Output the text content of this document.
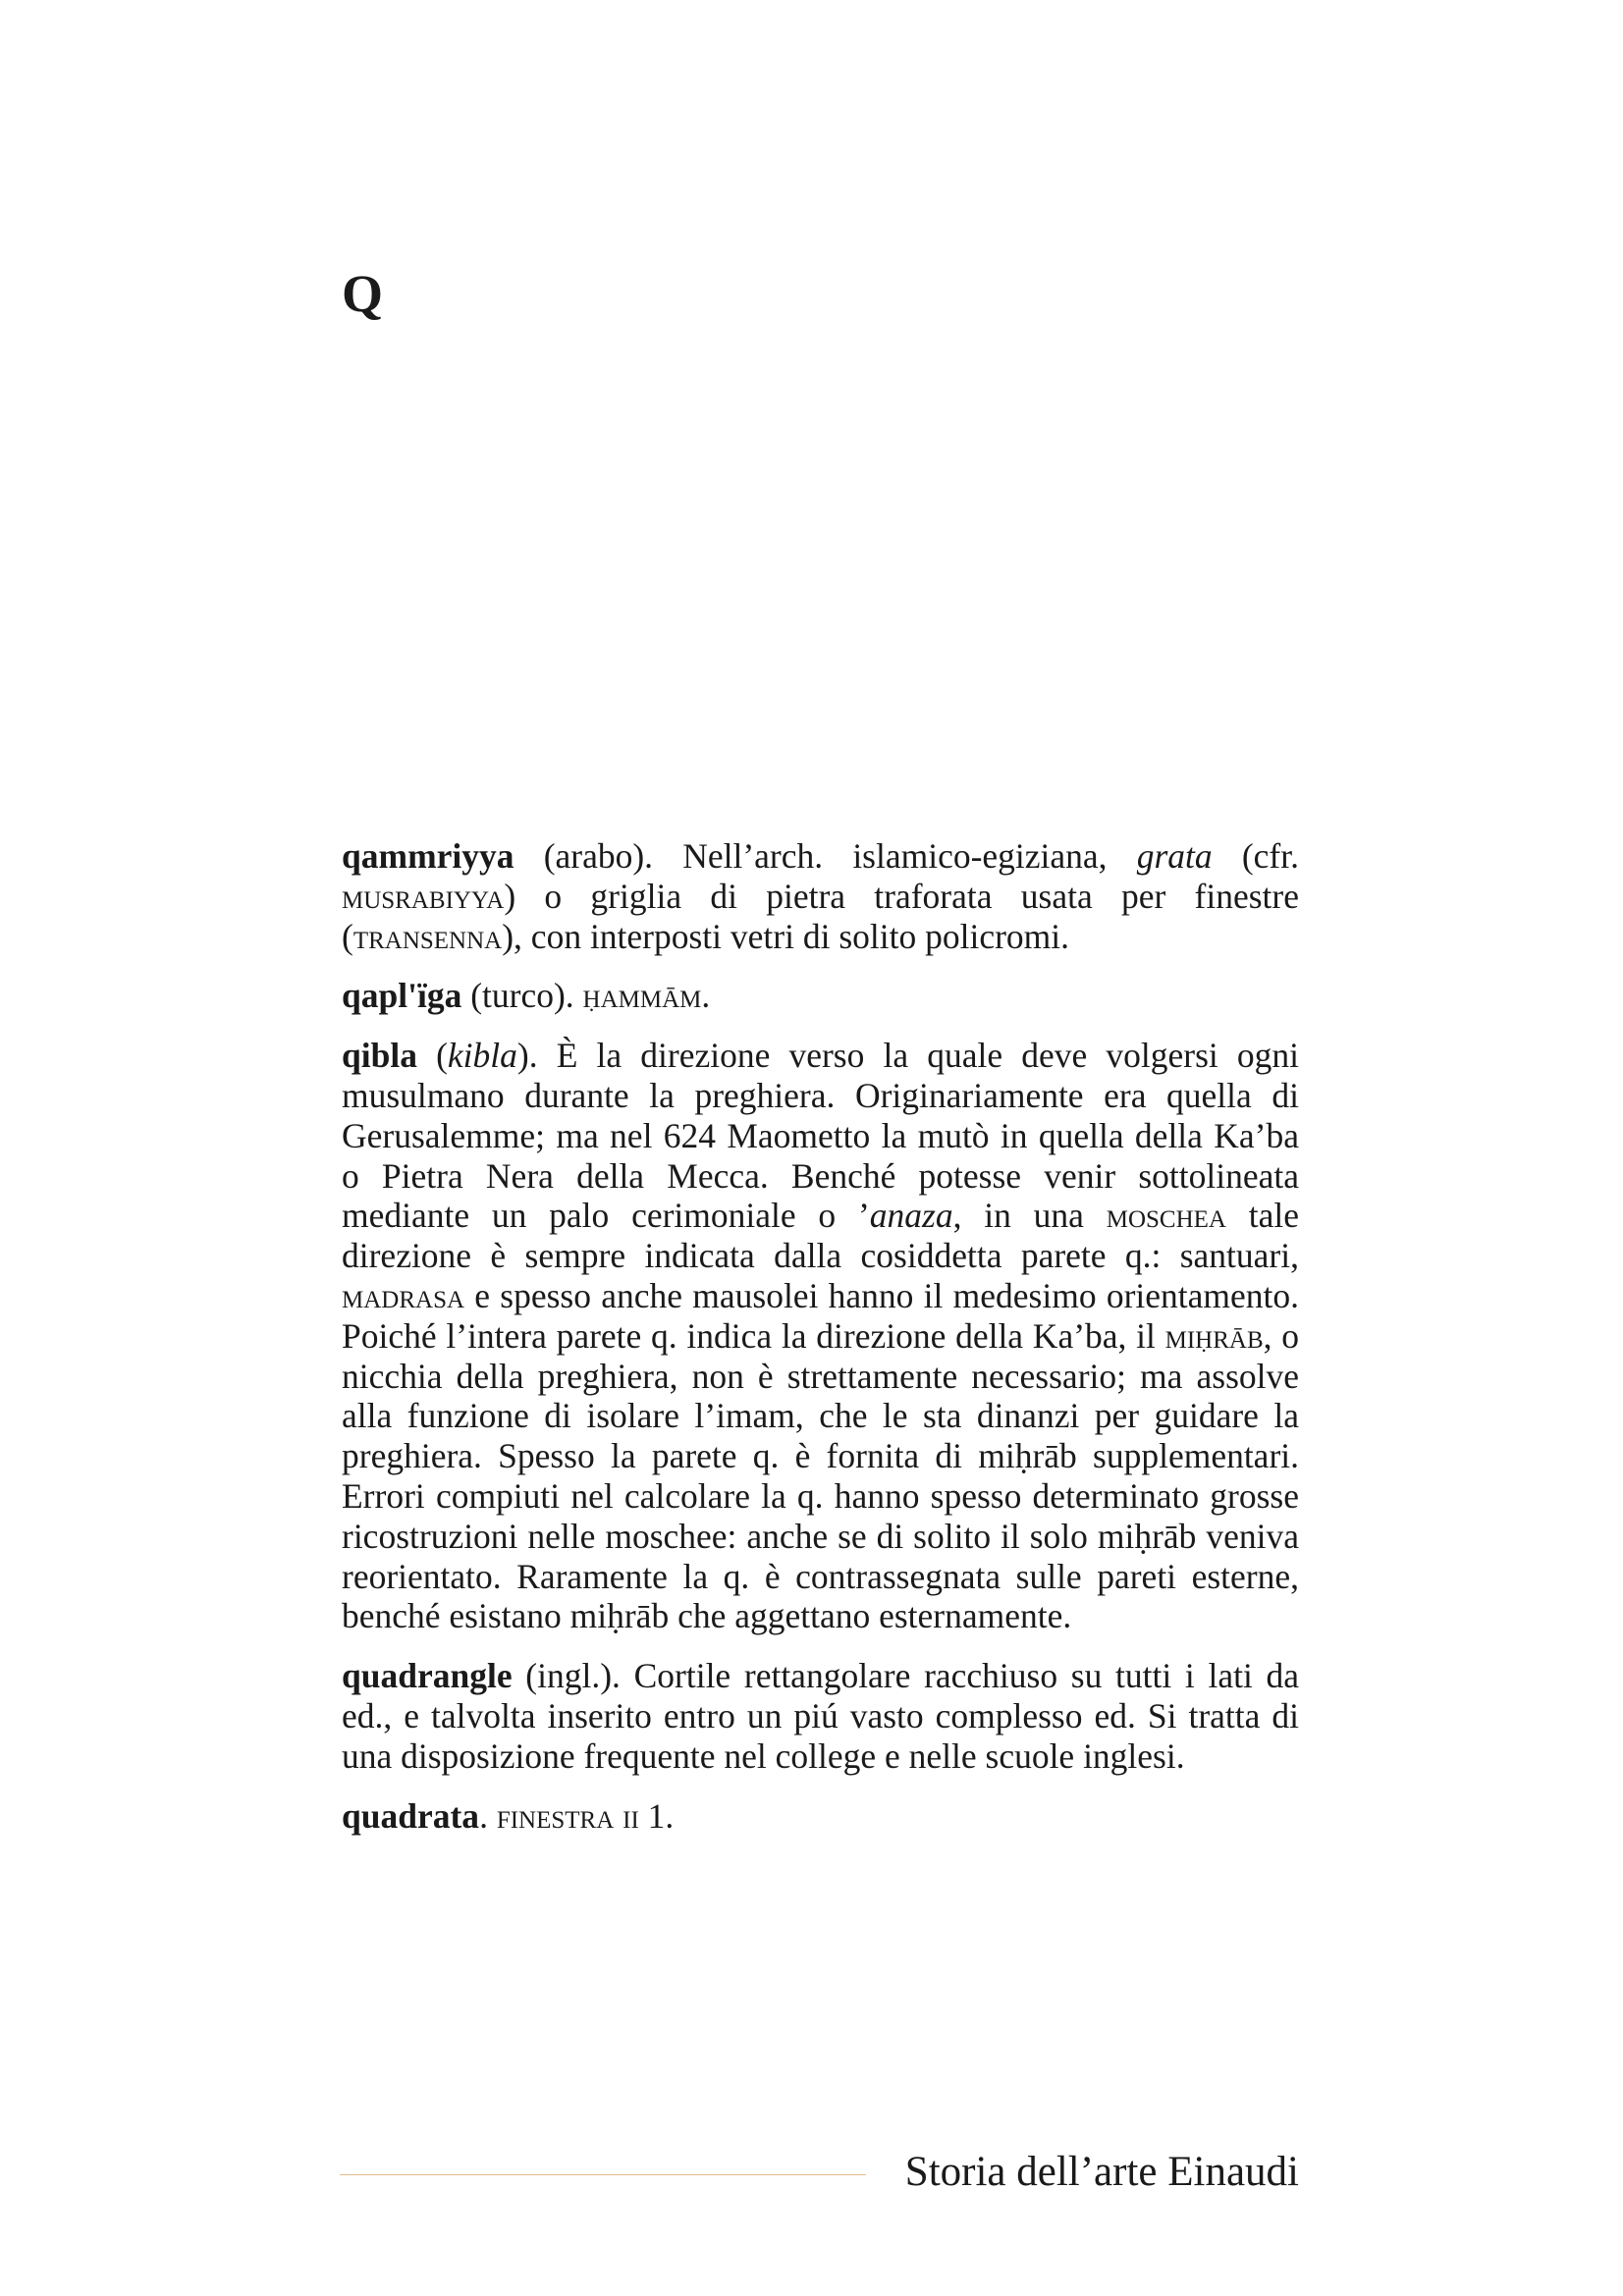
Q

qammriyya (arabo). Nell’arch. islamico-egiziana, grata (cfr. musrabiyya) o griglia di pietra traforata usata per finestre (transenna), con interposti vetri di solito policromi.

qapl'ïga (turco). ḥammām.

qibla (kibla). È la direzione verso la quale deve volgersi ogni musulmano durante la preghiera. Originariamente era quella di Gerusalemme; ma nel 624 Maometto la mutò in quella della Ka’ba o Pietra Nera della Mecca. Benché potesse venir sottolineata mediante un palo cerimoniale o ’anaza, in una moschea tale direzione è sempre indicata dalla cosiddetta parete q.: santuari, madrasa e spesso anche mausolei hanno il medesimo orientamento. Poiché l’intera parete q. indica la direzione della Ka’ba, il miḥrāb, o nicchia della preghiera, non è strettamente necessario; ma assolve alla funzione di isolare l’imam, che le sta dinanzi per guidare la preghiera. Spesso la parete q. è fornita di miḥrāb supplementari. Errori compiuti nel calcolare la q. hanno spesso determinato grosse ricostruzioni nelle moschee: anche se di solito il solo miḥrāb veniva reorientato. Raramente la q. è contrassegnata sulle pareti esterne, benché esistano miḥrāb che aggettano esternamente.

quadrangle (ingl.). Cortile rettangolare racchiuso su tutti i lati da ed., e talvolta inserito entro un piú vasto complesso ed. Si tratta di una disposizione frequente nel college e nelle scuole inglesi.

quadrata. finestra ii 1.

Storia dell’arte Einaudi
